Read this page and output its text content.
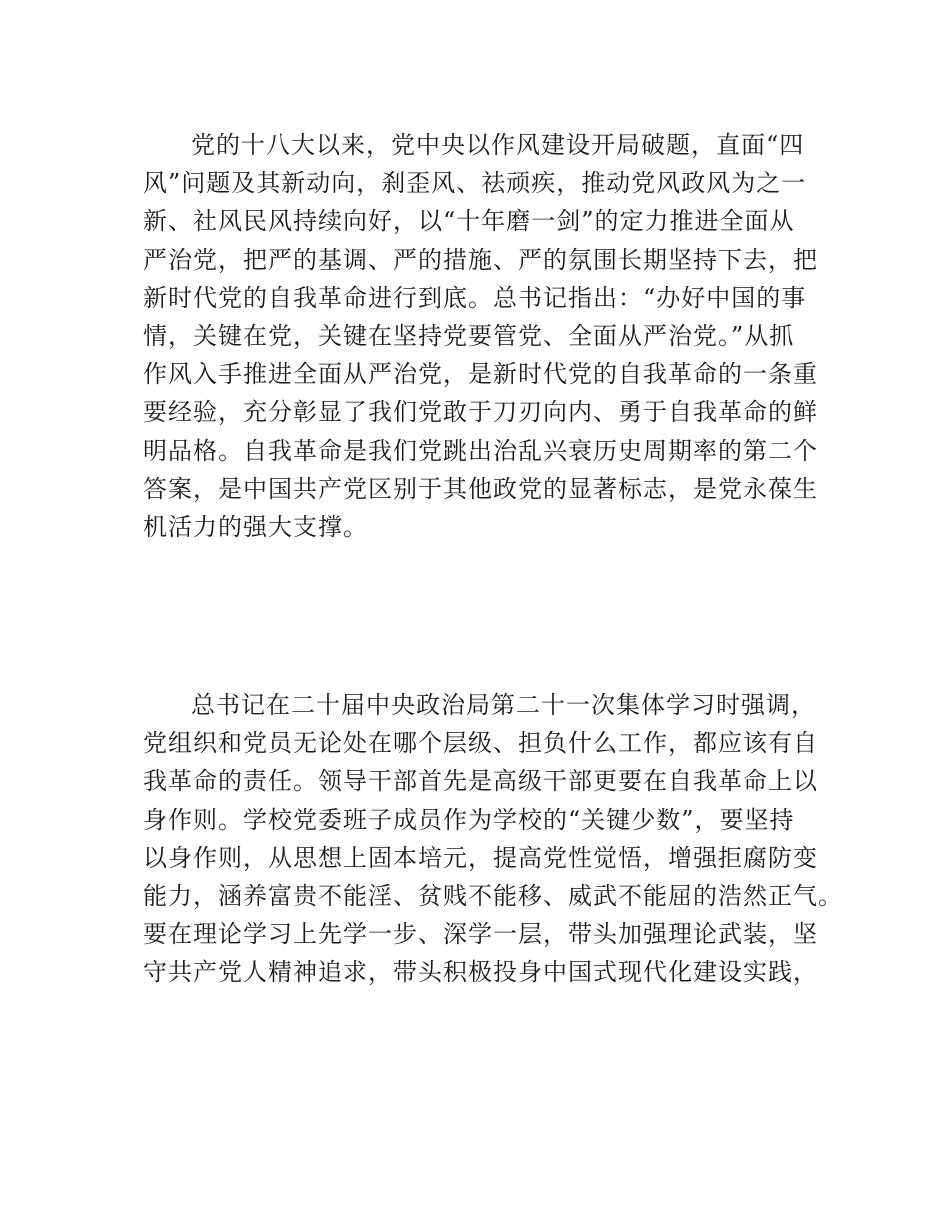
党的十八大以来，党中央以作风建设开局破题，直面“四
风”问题及其新动向，刹歪风、祛顽疾，推动党风政风为之一
新、社风民风持续向好，以“十年磨一剑”的定力推进全面从
严治党，把严的基调、严的措施、严的氛围长期坚持下去，把
新时代党的自我革命进行到底。总书记指出：“办好中国的事
情，关键在党，关键在坚持党要管党、全面从严治党。”从抓
作风入手推进全面从严治党，是新时代党的自我革命的一条重
要经验，充分彰显了我们党敢于刀刃向内、勇于自我革命的鲜
明品格。自我革命是我们党跳出治乱兴衰历史周期率的第二个
答案，是中国共产党区别于其他政党的显著标志，是党永葆生
机活力的强大支撑。
总书记在二十届中央政治局第二十一次集体学习时强调，
党组织和党员无论处在哪个层级、担负什么工作，都应该有自
我革命的责任。领导干部首先是高级干部更要在自我革命上以
身作则。学校党委班子成员作为学校的“关键少数”，要坚持
以身作则，从思想上固本培元，提高党性觉悟，增强拒腐防变
能力，涵养富贵不能淫、贫贱不能移、威武不能屈的浩然正气。
要在理论学习上先学一步、深学一层，带头加强理论武装，坚
守共产党人精神追求，带头积极投身中国式现代化建设实践，
